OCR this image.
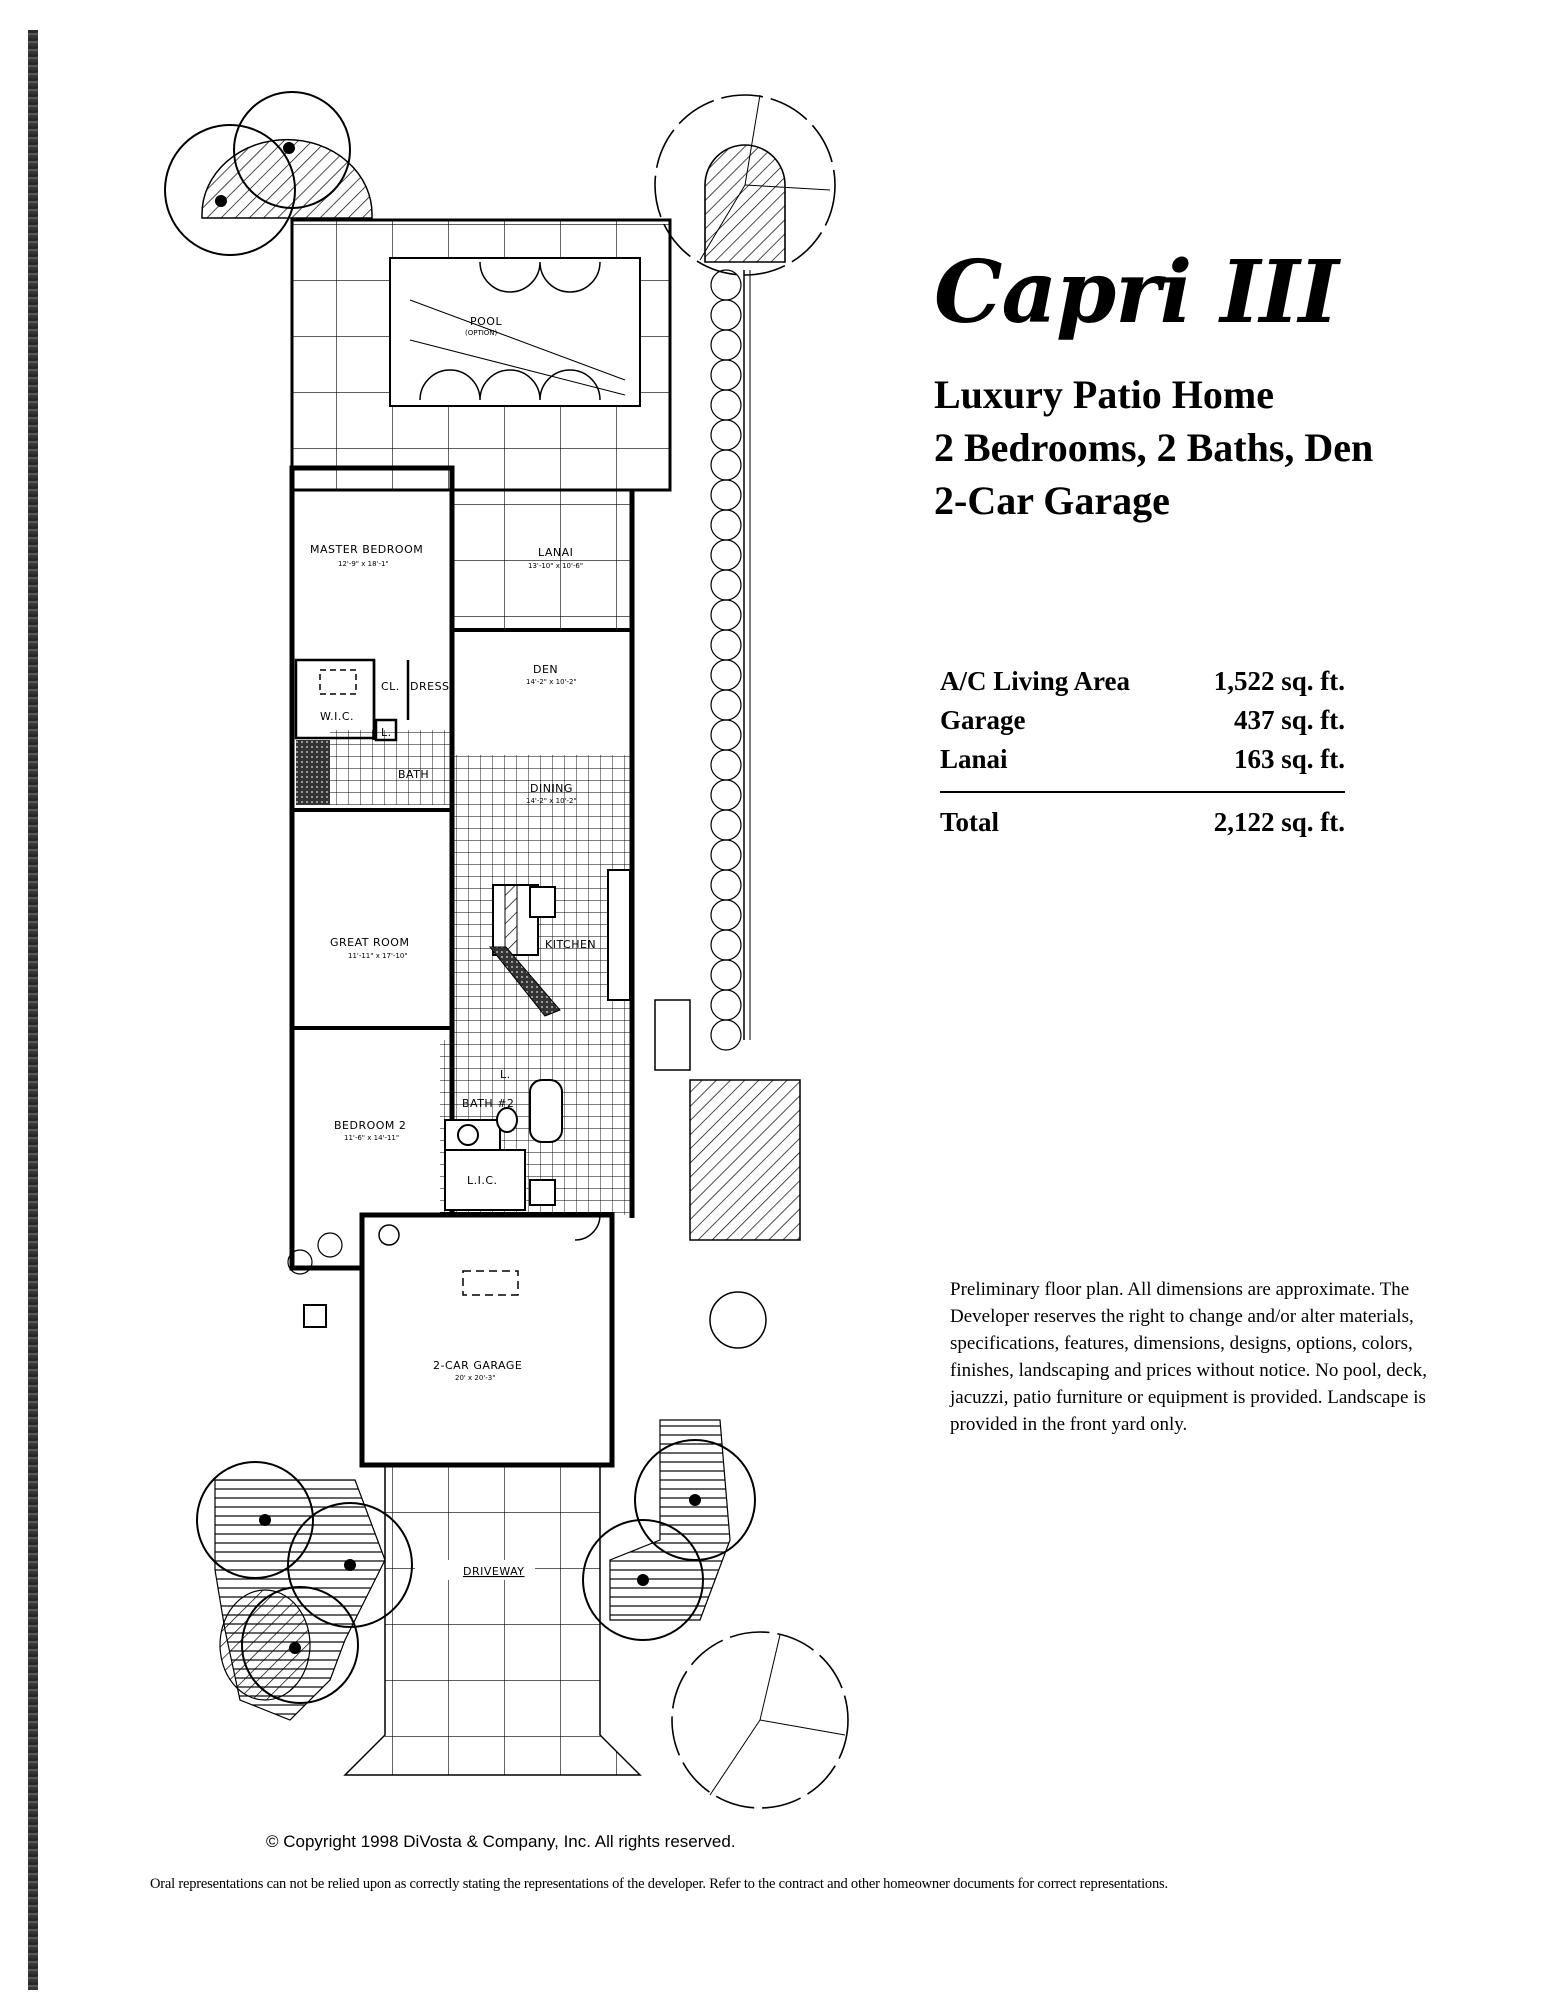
POOL
(OPTION)
DRIVEWAY
MASTER BEDROOM
12'-9" x 18'-1"
LANAI
13'-10" x 10'-6"
DEN
14'-2" x 10'-2"
W.I.C.
CL. DRESS
L.
BATH
DINING
14'-2" x 10'-2"
GREAT ROOM
11'-11" x 17'-10"
KITCHEN
BATH #2
L.
BEDROOM 2
11'-6" x 14'-11"
L.I.C.
2-CAR GARAGE
20' x 20'-3"
Capri III
Luxury Patio Home
2 Bedrooms, 2 Baths, Den
2-Car Garage
A/C Living Area	1,522 sq. ft.
Garage	437 sq. ft.
Lanai	163 sq. ft.
Total	2,122 sq. ft.
Preliminary floor plan. All dimensions are approximate. The Developer reserves the right to change and/or alter materials, specifications, features, dimensions, designs, options, colors, finishes, landscaping and prices without notice. No pool, deck, jacuzzi, patio furniture or equipment is provided. Landscape is provided in the front yard only.
© Copyright 1998 DiVosta & Company, Inc. All rights reserved.
Oral representations can not be relied upon as correctly stating the representations of the developer. Refer to the contract and other homeowner documents for correct representations.
